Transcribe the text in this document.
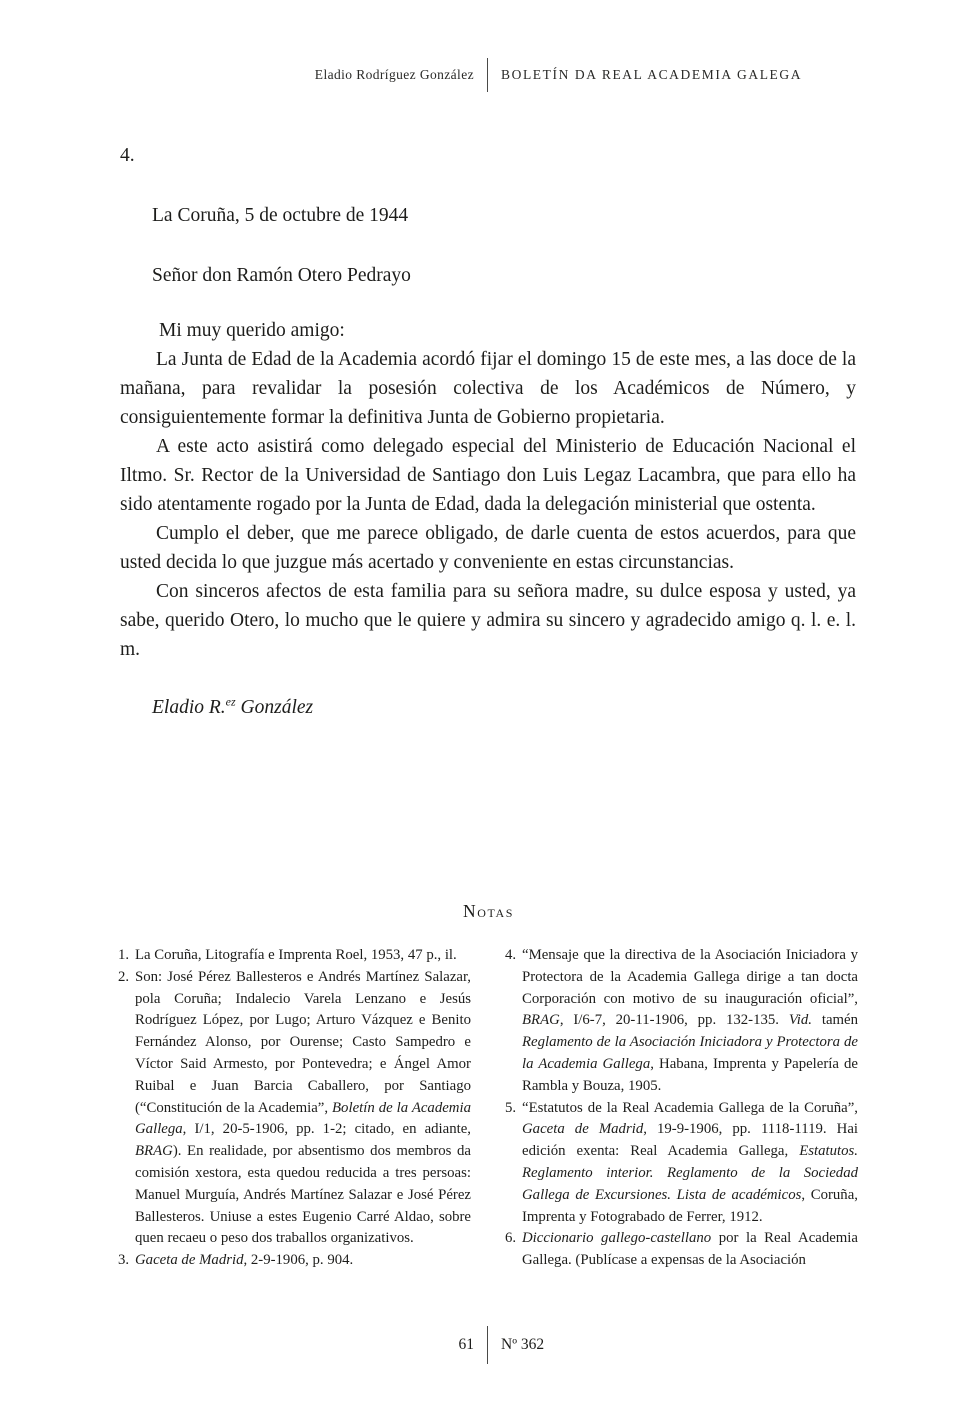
Eladio Rodríguez González BOLETÍN DA REAL ACADEMIA GALEGA
4.

La Coruña, 5 de octubre de 1944

Señor don Ramón Otero Pedrayo

Mi muy querido amigo:

La Junta de Edad de la Academia acordó fijar el domingo 15 de este mes, a las doce de la mañana, para revalidar la posesión colectiva de los Académicos de Número, y consiguientemente formar la definitiva Junta de Gobierno propietaria.

A este acto asistirá como delegado especial del Ministerio de Educación Nacional el Iltmo. Sr. Rector de la Universidad de Santiago don Luis Legaz Lacambra, que para ello ha sido atentamente rogado por la Junta de Edad, dada la delegación ministerial que ostenta.

Cumplo el deber, que me parece obligado, de darle cuenta de estos acuerdos, para que usted decida lo que juzgue más acertado y conveniente en estas circunstancias.

Con sinceros afectos de esta familia para su señora madre, su dulce esposa y usted, ya sabe, querido Otero, lo mucho que le quiere y admira su sincero y agradecido amigo q. l. e. l. m.

Eladio R.$^{ez}$ González

Notas
1. La Coruña, Litografía e Imprenta Roel, 1953, 47 p., il.
2. Son: José Pérez Ballesteros e Andrés Martínez Salazar, pola Coruña; Indalecio Varela Lenzano e Jesús Rodríguez López, por Lugo; Arturo Vázquez e Benito Fernández Alonso, por Ourense; Casto Sampedro e Víctor Said Armesto, por Pontevedra; e Ángel Amor Ruibal e Juan Barcia Caballero, por Santiago (“Constitución de la Academia”, Boletín de la Academia Gallega, I/1, 20-5-1906, pp. 1-2; citado, en adiante, BRAG). En realidade, por absentismo dos membros da comisión xestora, esta quedou reducida a tres persoas: Manuel Murguía, Andrés Martínez Salazar e José Pérez Ballesteros. Uniuse a estes Eugenio Carré Aldao, sobre quen recaeu o peso dos traballos organizativos.
3. Gaceta de Madrid, 2-9-1906, p. 904.
4. “Mensaje que la directiva de la Asociación Iniciadora y Protectora de la Academia Gallega dirige a tan docta Corporación con motivo de su inauguración oficial”, BRAG, I/6-7, 20-11-1906, pp. 132-135. Vid. tamén Reglamento de la Asociación Iniciadora y Protectora de la Academia Gallega, Habana, Imprenta y Papelería de Rambla y Bouza, 1905.
5. “Estatutos de la Real Academia Gallega de la Coruña”, Gaceta de Madrid, 19-9-1906, pp. 1118-1119. Hai edición exenta: Real Academia Gallega, Estatutos. Reglamento interior. Reglamento de la Sociedad Gallega de Excursiones. Lista de académicos, Coruña, Imprenta y Fotograbado de Ferrer, 1912.
6. Diccionario gallego-castellano por la Real Academia Gallega. (Publícase a expensas de la Asociación
61 Nº 362
